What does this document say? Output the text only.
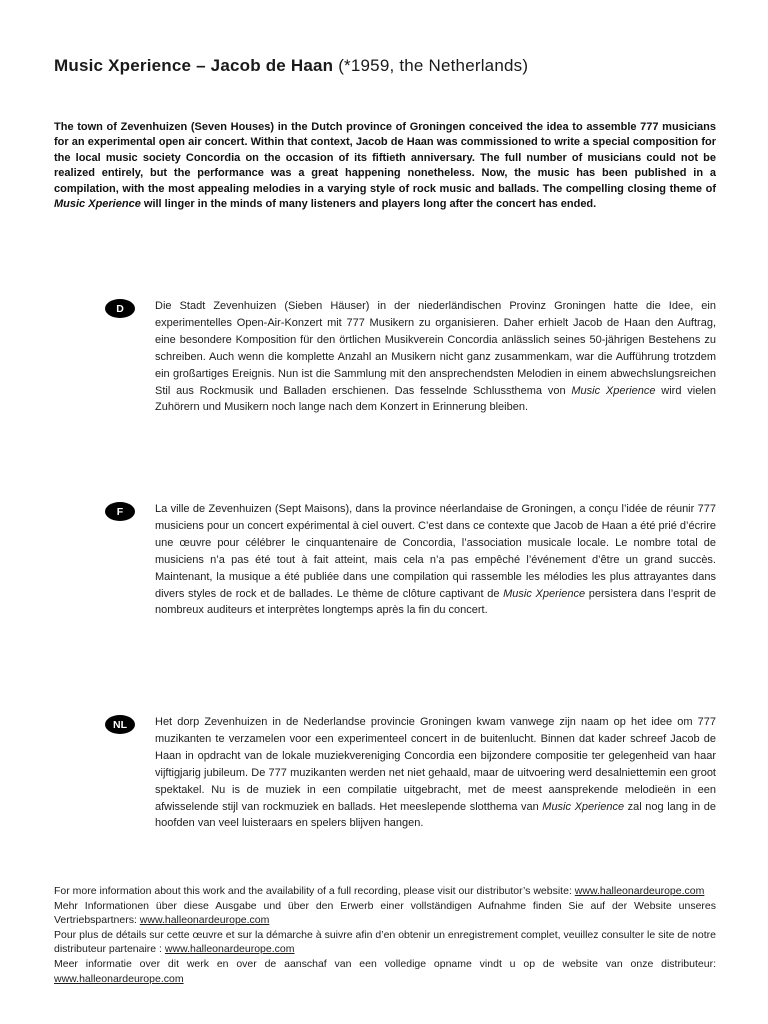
Music Xperience – Jacob de Haan (*1959, the Netherlands)

The town of Zevenhuizen (Seven Houses) in the Dutch province of Groningen conceived the idea to assemble 777 musicians for an experimental open air concert. Within that context, Jacob de Haan was commissioned to write a special composition for the local music society Concordia on the occasion of its fiftieth anniversary. The full number of musicians could not be realized entirely, but the performance was a great happening nonetheless. Now, the music has been published in a compilation, with the most appealing melodies in a varying style of rock music and ballads. The compelling closing theme of Music Xperience will linger in the minds of many listeners and players long after the concert has ended.

D	Die Stadt Zevenhuizen (Sieben Häuser) in der niederländischen Provinz Groningen hatte die Idee, ein experimentelles Open-Air-Konzert mit 777 Musikern zu organisieren. Daher erhielt Jacob de Haan den Auftrag, eine besondere Komposition für den örtlichen Musikverein Concordia anlässlich seines 50-jährigen Bestehens zu schreiben. Auch wenn die komplette Anzahl an Musikern nicht ganz zusammenkam, war die Aufführung trotzdem ein großartiges Ereignis. Nun ist die Sammlung mit den ansprechendsten Melodien in einem abwechslungsreichen Stil aus Rockmusik und Balladen erschienen. Das fesselnde Schlussthema von Music Xperience wird vielen Zuhörern und Musikern noch lange nach dem Konzert in Erinnerung bleiben.

F	La ville de Zevenhuizen (Sept Maisons), dans la province néerlandaise de Groningen, a conçu l’idée de réunir 777 musiciens pour un concert expérimental à ciel ouvert. C’est dans ce contexte que Jacob de Haan a été prié d’écrire une œuvre pour célébrer le cinquantenaire de Concordia, l’association musicale locale. Le nombre total de musiciens n’a pas été tout à fait atteint, mais cela n’a pas empêché l’événement d’être un grand succès. Maintenant, la musique a été publiée dans une compilation qui rassemble les mélodies les plus attrayantes dans divers styles de rock et de ballades. Le thème de clôture captivant de Music Xperience persistera dans l’esprit de nombreux auditeurs et interprètes longtemps après la fin du concert.

NL	Het dorp Zevenhuizen in de Nederlandse provincie Groningen kwam vanwege zijn naam op het idee om 777 muzikanten te verzamelen voor een experimenteel concert in de buitenlucht. Binnen dat kader schreef Jacob de Haan in opdracht van de lokale muziekvereniging Concordia een bijzondere compositie ter gelegenheid van haar vijftigjarig jubileum. De 777 muzikanten werden net niet gehaald, maar de uitvoering werd desalniettemin een groot spektakel. Nu is de muziek in een compilatie uitgebracht, met de meest aansprekende melodieën in een afwisselende stijl van rockmuziek en ballads. Het meeslepende slotthema van Music Xperience zal nog lang in de hoofden van veel luisteraars en spelers blijven hangen.

For more information about this work and the availability of a full recording, please visit our distributor’s website: www.halleonardeurope.com

Mehr Informationen über diese Ausgabe und über den Erwerb einer vollständigen Aufnahme finden Sie auf der Website unseres Vertriebspartners: www.halleonardeurope.com

Pour plus de détails sur cette œuvre et sur la démarche à suivre afin d’en obtenir un enregistrement complet, veuillez consulter le site de notre distributeur partenaire : www.halleonardeurope.com

Meer informatie over dit werk en over de aanschaf van een volledige opname vindt u op de website van onze distributeur: www.halleonardeurope.com
